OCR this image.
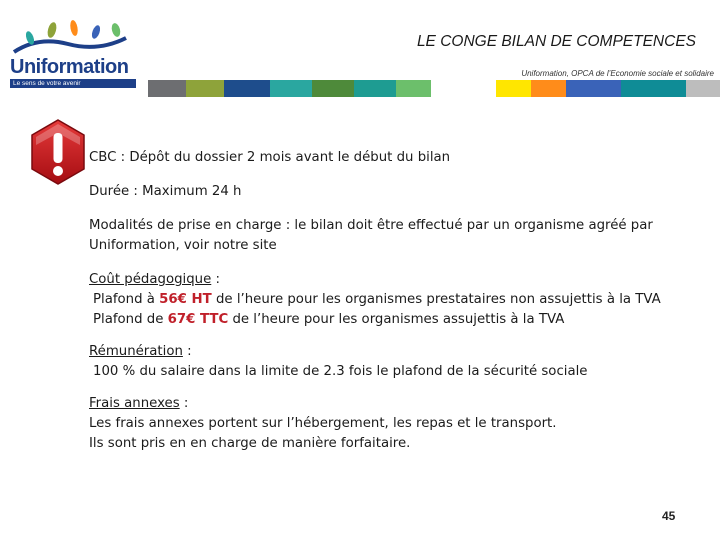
Uniformation
Le sens de votre avenir
LE CONGE BILAN DE COMPETENCES
Uniformation, OPCA de l’Economie sociale et solidaire

CBC : Dépôt du dossier 2 mois avant le début du bilan

Durée : Maximum 24 h

Modalités de prise en charge : le bilan doit être effectué par un organisme agréé par

Uniformation, voir notre site

Coût pédagogique :

Plafond à 56€ HT de l’heure pour les organismes prestataires non assujettis à la TVA

Plafond de 67€ TTC de l’heure pour les organismes assujettis à la TVA

Rémunération :

100 % du salaire dans la limite de 2.3 fois le plafond de la sécurité sociale

Frais annexes :

Les frais annexes portent sur l’hébergement, les repas et le transport.

Ils sont pris en en charge de manière forfaitaire.

45
